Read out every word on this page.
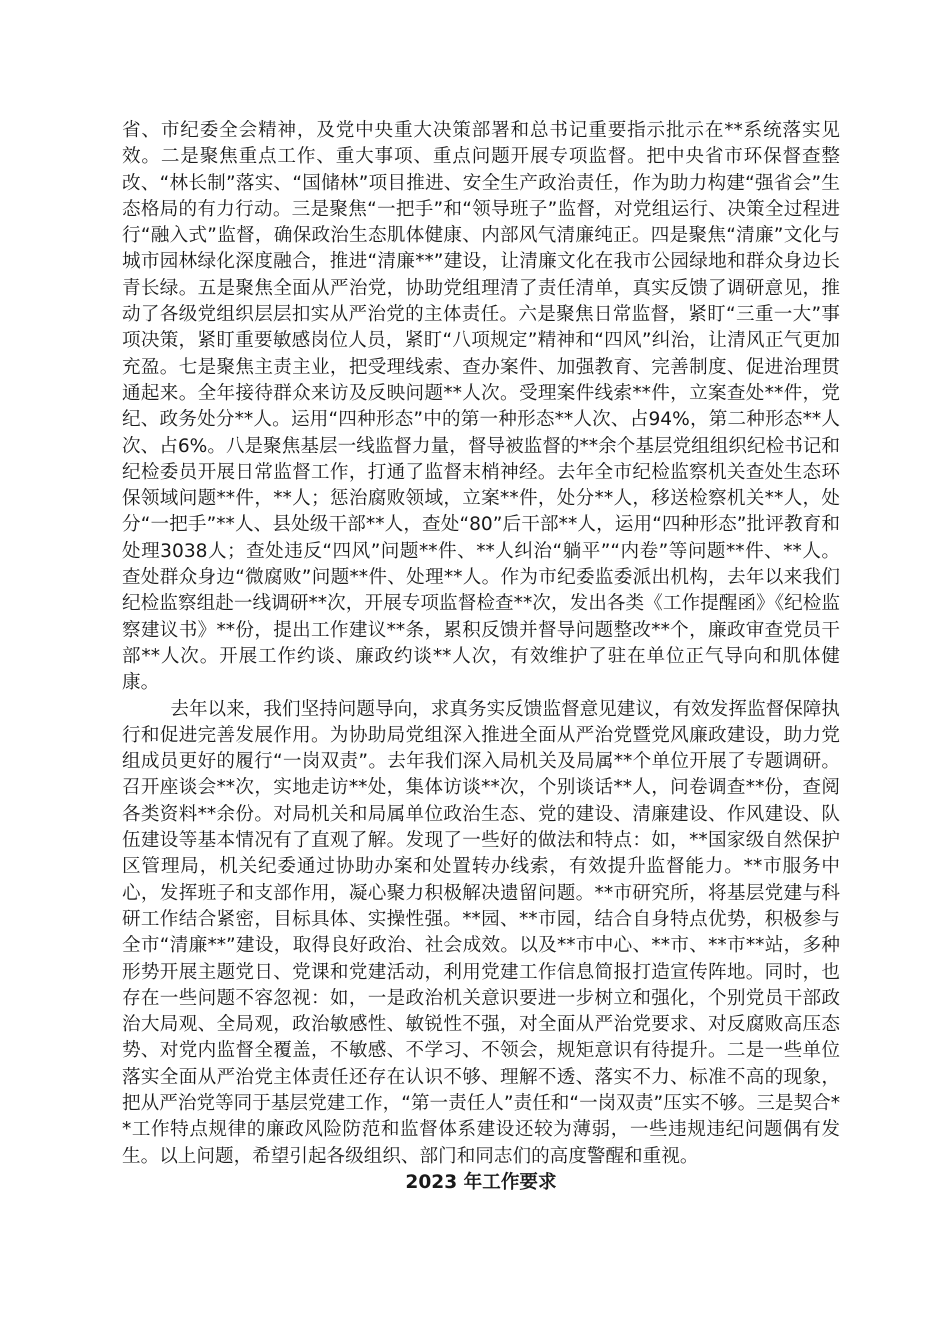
省、市纪委全会精神，及党中央重大决策部署和总书记重要指示批示在**系统落实见效。二是聚焦重点工作、重大事项、重点问题开展专项监督。把中央省市环保督查整改、“林长制”落实、“国储林”项目推进、安全生产政治责任，作为助力构建“强省会”生态格局的有力行动。三是聚焦“一把手”和“领导班子”监督，对党组运行、决策全过程进行“融入式”监督，确保政治生态肌体健康、内部风气清廉纯正。四是聚焦“清廉”文化与城市园林绿化深度融合，推进“清廉**”建设，让清廉文化在我市公园绿地和群众身边长青长绿。五是聚焦全面从严治党，协助党组理清了责任清单，真实反馈了调研意见，推动了各级党组织层层扣实从严治党的主体责任。六是聚焦日常监督，紧盯“三重一大”事项决策，紧盯重要敏感岗位人员，紧盯“八项规定”精神和“四风”纠治，让清风正气更加充盈。七是聚焦主责主业，把受理线索、查办案件、加强教育、完善制度、促进治理贯通起来。全年接待群众来访及反映问题**人次。受理案件线索**件，立案查处**件，党纪、政务处分**人。运用“四种形态”中的第一种形态**人次、占94%，第二种形态**人次、占6%。八是聚焦基层一线监督力量，督导被监督的**余个基层党组组织纪检书记和纪检委员开展日常监督工作，打通了监督末梢神经。去年全市纪检监察机关查处生态环保领域问题**件，**人；惩治腐败领域，立案**件，处分**人，移送检察机关**人，处分“一把手”**人、县处级干部**人，查处“80”后干部**人，运用“四种形态”批评教育和处理3038人；查处违反“四风”问题**件、**人纠治“躺平”“内卷”等问题**件、**人。查处群众身边“微腐败”问题**件、处理**人。作为市纪委监委派出机构，去年以来我们纪检监察组赴一线调研**次，开展专项监督检查**次，发出各类《工作提醒函》《纪检监察建议书》**份，提出工作建议**条，累积反馈并督导问题整改**个，廉政审查党员干部**人次。开展工作约谈、廉政约谈**人次，有效维护了驻在单位正气导向和肌体健康。

去年以来，我们坚持问题导向，求真务实反馈监督意见建议，有效发挥监督保障执行和促进完善发展作用。为协助局党组深入推进全面从严治党暨党风廉政建设，助力党组成员更好的履行“一岗双责”。去年我们深入局机关及局属**个单位开展了专题调研。召开座谈会**次，实地走访**处，集体访谈**次，个别谈话**人，问卷调查**份，查阅各类资料**余份。对局机关和局属单位政治生态、党的建设、清廉建设、作风建设、队伍建设等基本情况有了直观了解。发现了一些好的做法和特点：如，**国家级自然保护区管理局，机关纪委通过协助办案和处置转办线索，有效提升监督能力。**市服务中心，发挥班子和支部作用，凝心聚力积极解决遗留问题。**市研究所，将基层党建与科研工作结合紧密，目标具体、实操性强。**园、**市园，结合自身特点优势，积极参与全市“清廉**”建设，取得良好政治、社会成效。以及**市中心、**市、**市**站，多种形势开展主题党日、党课和党建活动，利用党建工作信息简报打造宣传阵地。同时，也存在一些问题不容忽视：如，一是政治机关意识要进一步树立和强化，个别党员干部政治大局观、全局观，政治敏感性、敏锐性不强，对全面从严治党要求、对反腐败高压态势、对党内监督全覆盖，不敏感、不学习、不领会，规矩意识有待提升。二是一些单位落实全面从严治党主体责任还存在认识不够、理解不透、落实不力、标准不高的现象，把从严治党等同于基层党建工作，“第一责任人”责任和“一岗双责”压实不够。三是契合**工作特点规律的廉政风险防范和监督体系建设还较为薄弱，一些违规违纪问题偶有发生。以上问题，希望引起各级组织、部门和同志们的高度警醒和重视。

2023 年工作要求
